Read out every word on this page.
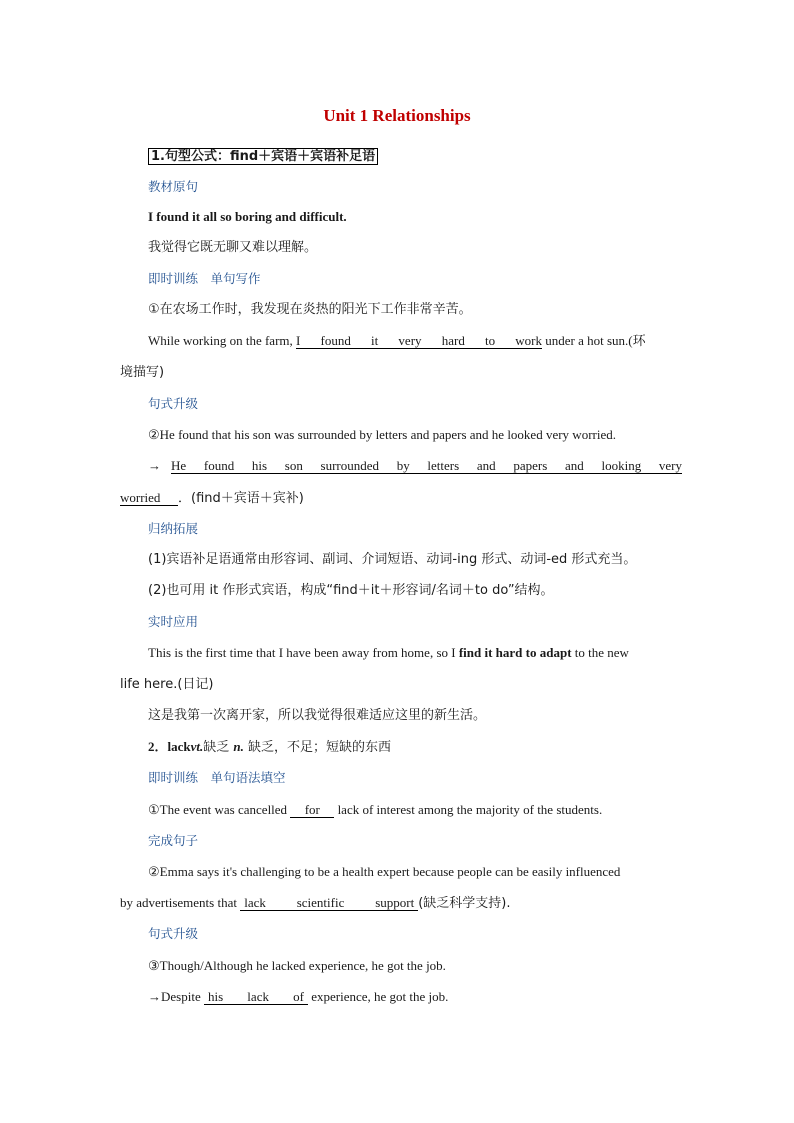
Unit 1 Relationships
1.句型公式：find＋宾语＋宾语补足语
教材原句
I found it all so boring and difficult.
我觉得它既无聊又难以理解。
即时训练　单句写作
①在农场工作时，我发现在炎热的阳光下工作非常辛苦。
While working on the farm, I found it very hard to work under a hot sun.(环
境描写)
句式升级
②He found that his son was surrounded by letters and papers and he looked very worried.
→ He found his son surrounded by letters and papers and looking very
worried ．(find＋宾语＋宾补)
归纳拓展
(1)宾语补足语通常由形容词、副词、介词短语、动词-ing 形式、动词-ed 形式充当。
(2)也可用 it 作形式宾语，构成“find＋it＋形容词/名词＋to do”结构。
实时应用
This is the first time that I have been away from home, so I find it hard to adapt to the new
life here.(日记)
这是我第一次离开家，所以我觉得很难适应这里的新生活。
2．lackvt.缺乏 n. 缺乏，不足；短缺的东西
即时训练　单句语法填空
①The event was cancelled for lack of interest among the majority of the students.
完成句子
②Emma says it's challenging to be a health expert because people can be easily influenced
by advertisements that lack scientific support (缺乏科学支持).
句式升级
③Though/Although he lacked experience, he got the job.
→Despite his lack of experience, he got the job.
